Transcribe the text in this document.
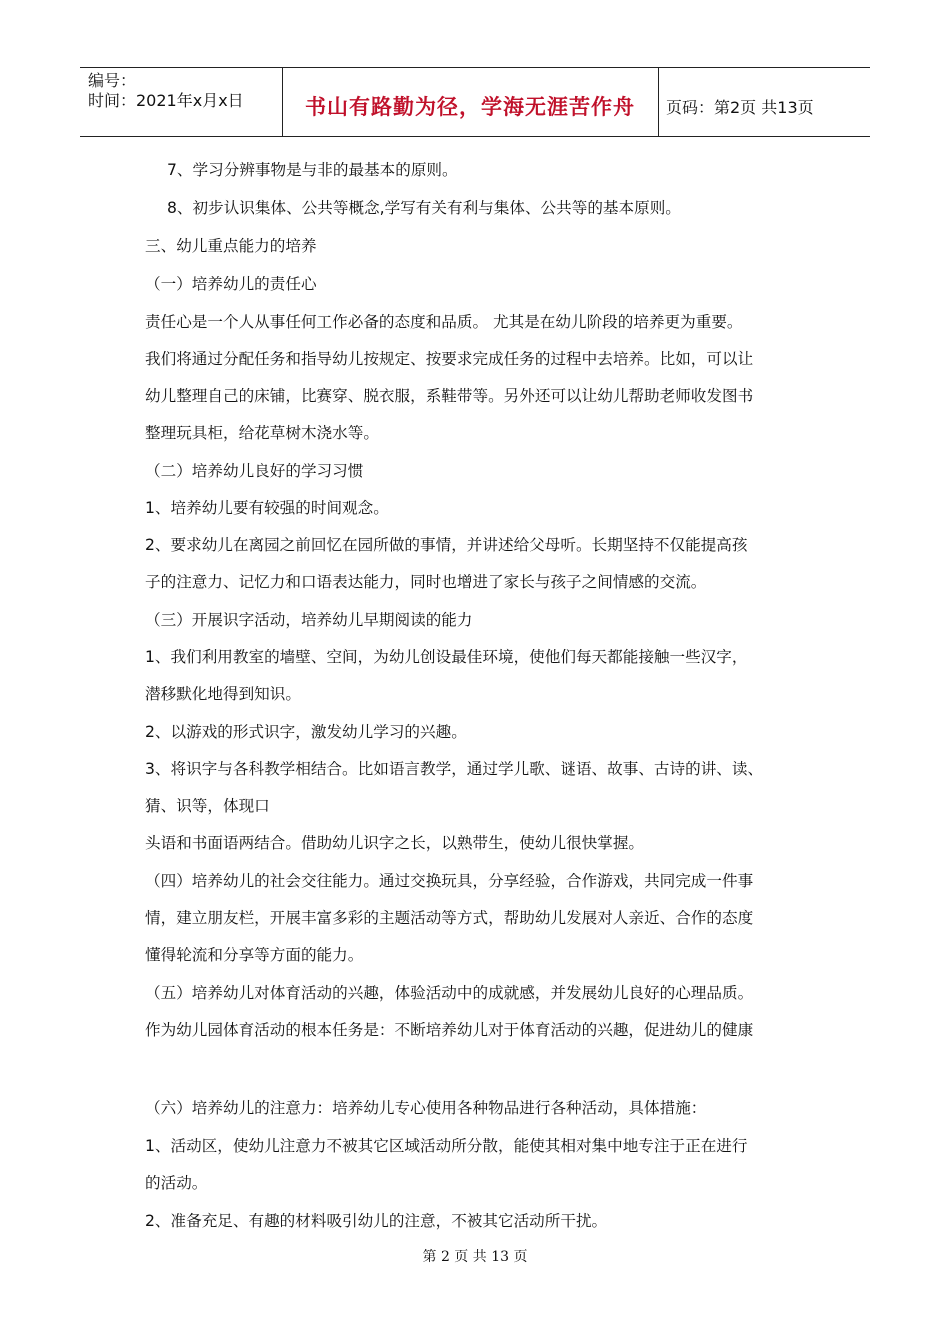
编号：
时间：2021年x月x日	书山有路勤为径，学海无涯苦作舟	页码：第2页 共13页
7、学习分辨事物是与非的最基本的原则。
8、初步认识集体、公共等概念,学写有关有利与集体、公共等的基本原则。
三、幼儿重点能力的培养
（一）培养幼儿的责任心
责任心是一个人从事任何工作必备的态度和品质。 尤其是在幼儿阶段的培养更为重要。
我们将通过分配任务和指导幼儿按规定、按要求完成任务的过程中去培养。比如，可以让
幼儿整理自己的床铺，比赛穿、脱衣服，系鞋带等。另外还可以让幼儿帮助老师收发图书
整理玩具柜，给花草树木浇水等。
（二）培养幼儿良好的学习习惯
1、培养幼儿要有较强的时间观念。
2、要求幼儿在离园之前回忆在园所做的事情，并讲述给父母听。长期坚持不仅能提高孩
子的注意力、记忆力和口语表达能力，同时也增进了家长与孩子之间情感的交流。
（三）开展识字活动，培养幼儿早期阅读的能力
1、我们利用教室的墙壁、空间，为幼儿创设最佳环境，使他们每天都能接触一些汉字，
潜移默化地得到知识。
2、以游戏的形式识字，激发幼儿学习的兴趣。
3、将识字与各科教学相结合。比如语言教学，通过学儿歌、谜语、故事、古诗的讲、读、
猜、识等，体现口
头语和书面语两结合。借助幼儿识字之长，以熟带生，使幼儿很快掌握。
（四）培养幼儿的社会交往能力。通过交换玩具，分享经验，合作游戏，共同完成一件事
情，建立朋友栏，开展丰富多彩的主题活动等方式，帮助幼儿发展对人亲近、合作的态度
懂得轮流和分享等方面的能力。
（五）培养幼儿对体育活动的兴趣，体验活动中的成就感，并发展幼儿良好的心理品质。
作为幼儿园体育活动的根本任务是：不断培养幼儿对于体育活动的兴趣，促进幼儿的健康
（六）培养幼儿的注意力：培养幼儿专心使用各种物品进行各种活动，具体措施：
1、活动区，使幼儿注意力不被其它区域活动所分散，能使其相对集中地专注于正在进行
的活动。
2、准备充足、有趣的材料吸引幼儿的注意，不被其它活动所干扰。
第 2 页 共 13 页
